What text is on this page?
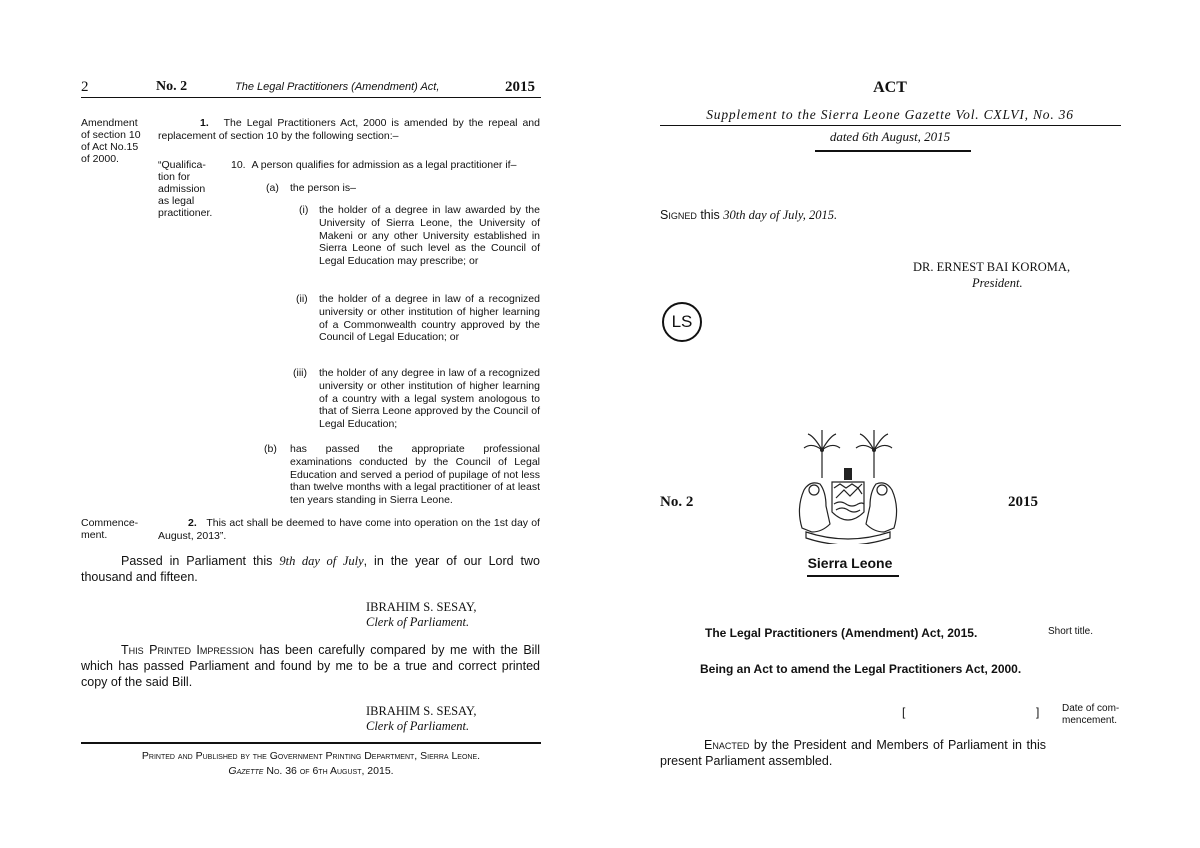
2	No. 2	The Legal Practitioners (Amendment) Act,	2015
Amendment
of section 10
of Act No.15
of 2000.
1. The Legal Practitioners Act, 2000 is amended by the repeal and replacement of section 10 by the following section:–
“Qualifica-
tion for
admission
as legal
practitioner.
10. A person qualifies for admission as a legal practitioner if–
(a) the person is–
(i) the holder of a degree in law awarded by the University of Sierra Leone, the University of Makeni or any other University established in Sierra Leone of such level as the Council of Legal Education may prescribe; or
(ii) the holder of a degree in law of a recognized university or other institution of higher learning of a Commonwealth country approved by the Council of Legal Education; or
(iii) the holder of any degree in law of a recognized university or other institution of higher learning of a country with a legal system anologous to that of Sierra Leone approved by the Council of Legal Education;
(b) has passed the appropriate professional examinations conducted by the Council of Legal Education and served a period of pupilage of not less than twelve months with a legal practitioner of at least ten years standing in Sierra Leone.
Commence-
ment.
2. This act shall be deemed to have come into operation on the 1st day of August, 2013”.
Passed in Parliament this 9th day of July, in the year of our Lord two thousand and fifteen.
IBRAHIM S. SESAY,
Clerk of Parliament.
This Printed Impression has been carefully compared by me with the Bill which has passed Parliament and found by me to be a true and correct printed copy of the said Bill.
IBRAHIM S. SESAY,
Clerk of Parliament.
Printed and Published by the Government Printing Department, Sierra Leone.
Gazette No. 36 of 6th August, 2015.
ACT
Supplement to the Sierra Leone Gazette Vol. CXLVI, No. 36
dated 6th August, 2015
Signed this 30th day of July, 2015.
DR. ERNEST BAI KOROMA,
President.
LS
No. 2	2015
Sierra Leone
The Legal Practitioners (Amendment) Act, 2015.	Short title.
Being an Act to amend the Legal Practitioners Act, 2000.
[	] Date of com-
mencement.
Enacted by the President and Members of Parliament in this present Parliament assembled.
